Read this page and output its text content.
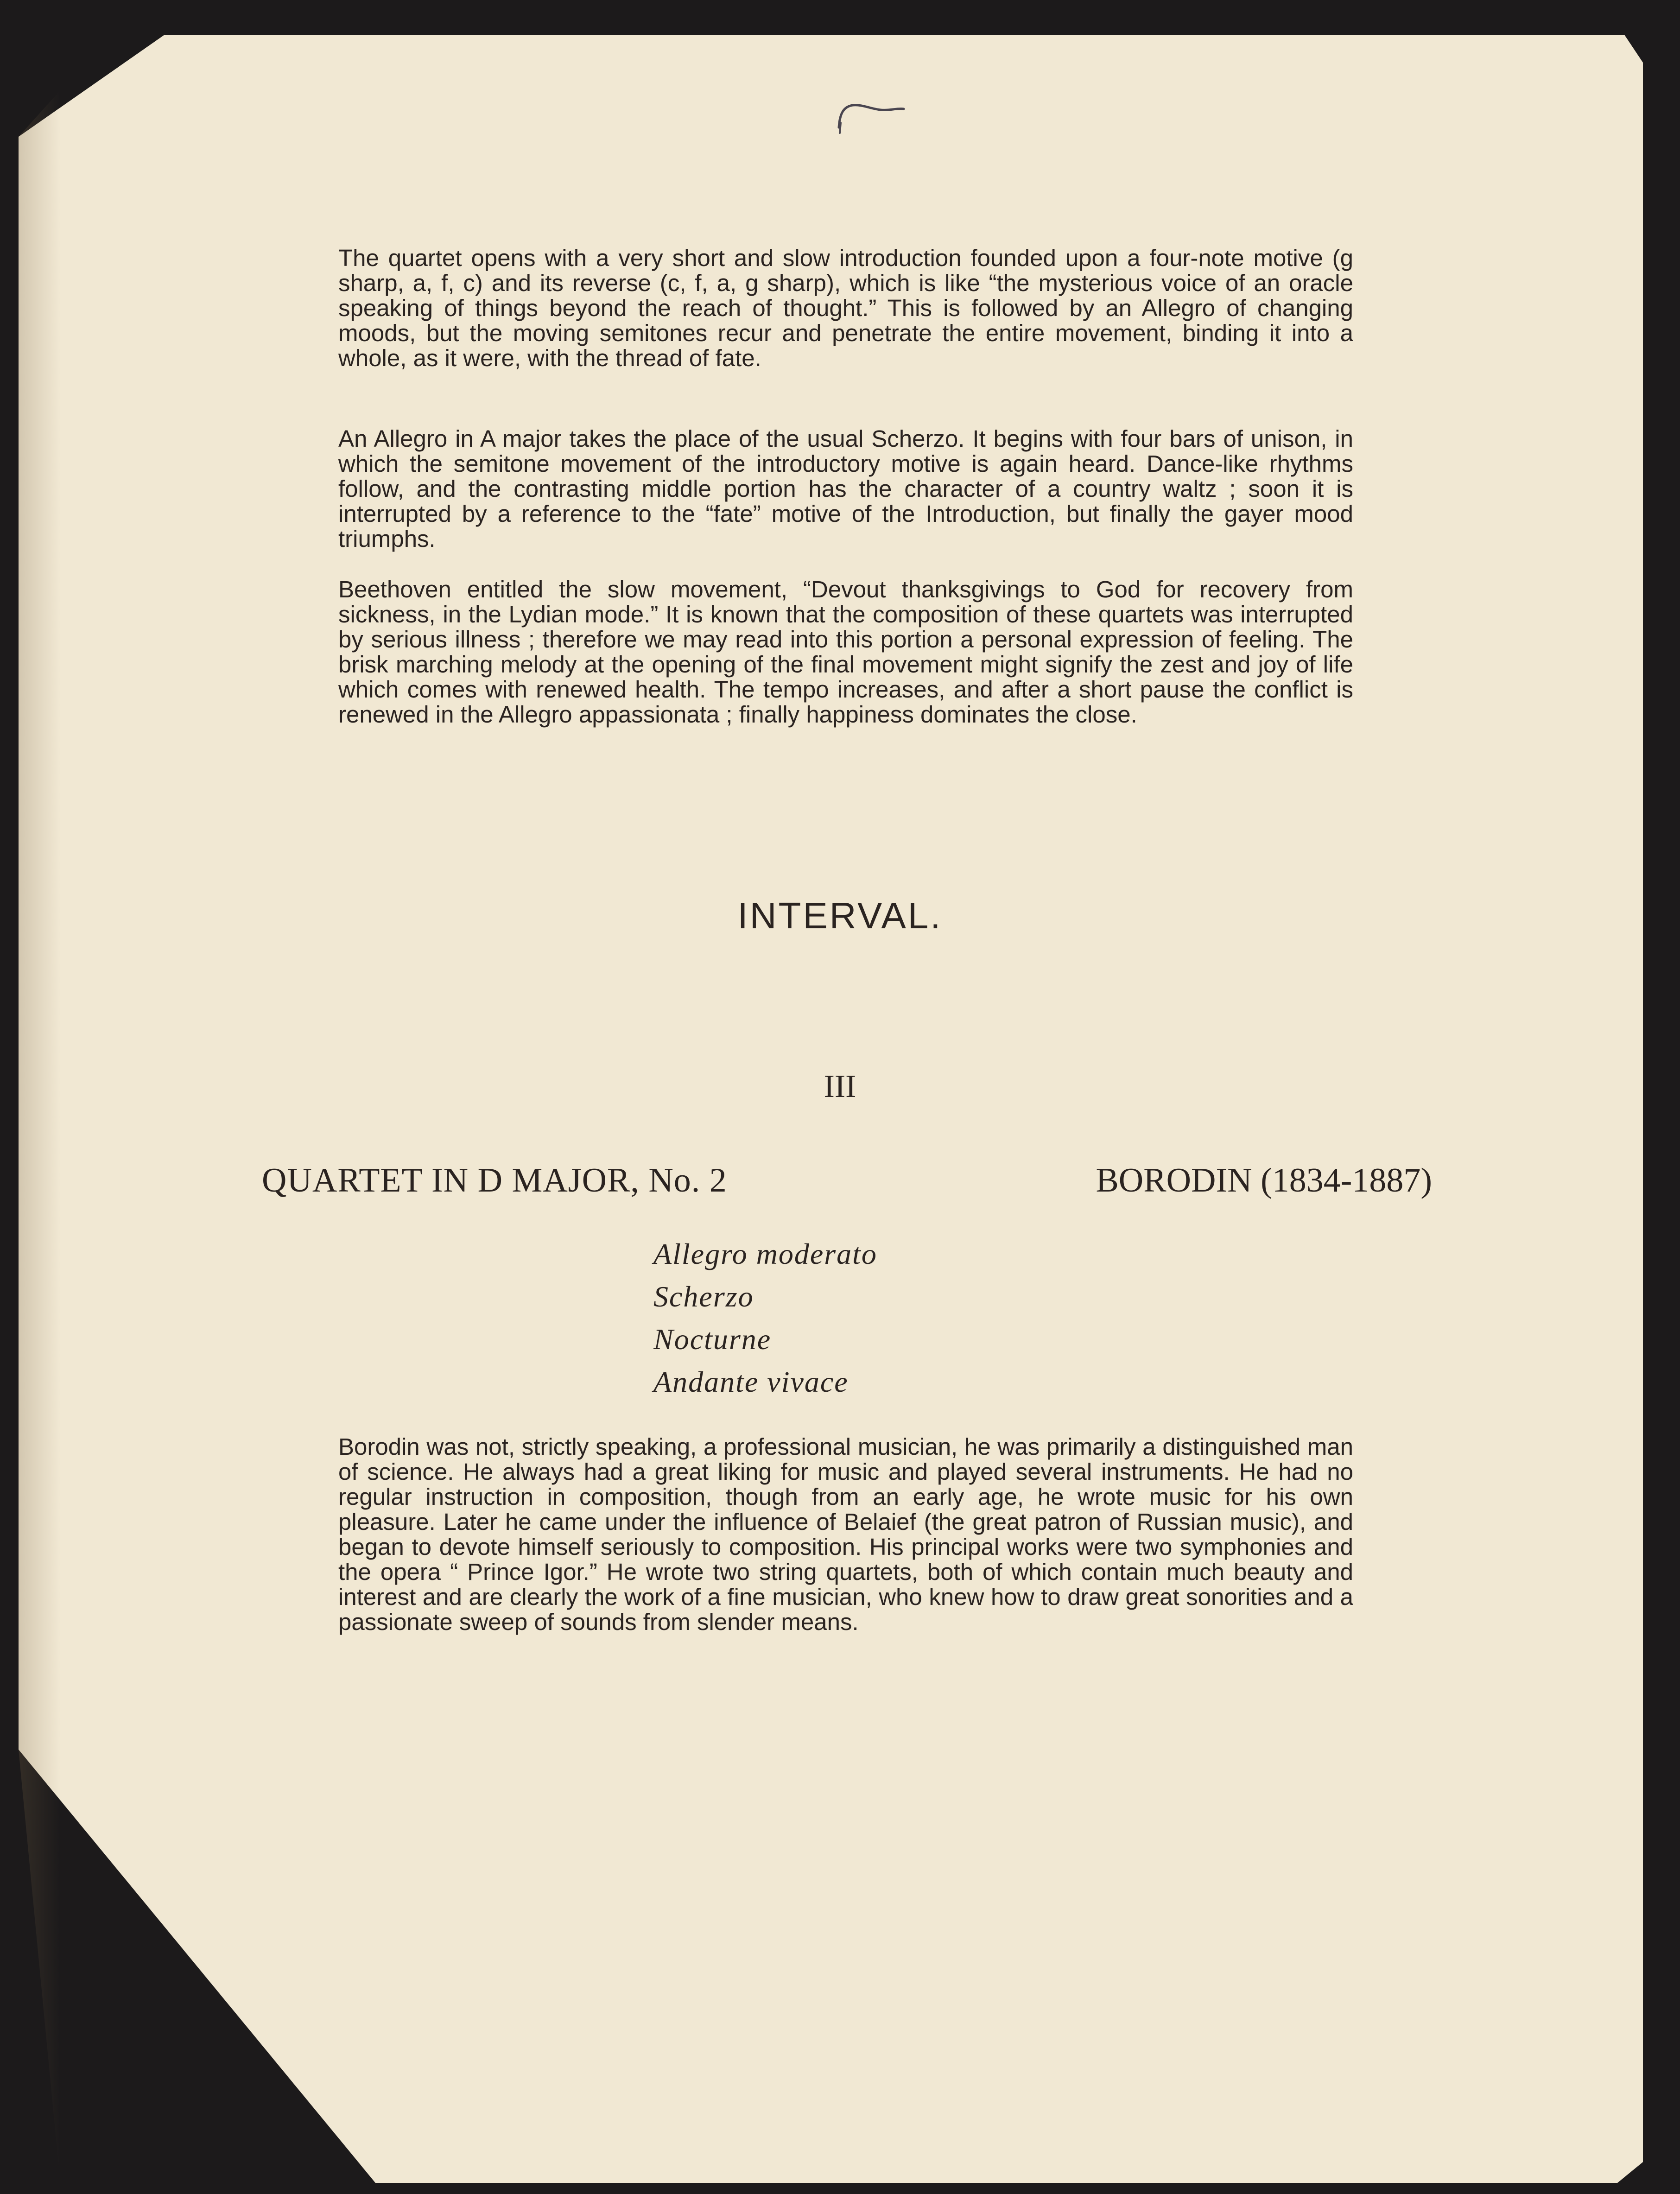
The quartet opens with a very short and slow introduction founded upon a four-note motive (g sharp, a, f, c) and its reverse (c, f, a, g sharp), which is like “the mysterious voice of an oracle speaking of things beyond the reach of thought.” This is followed by an Allegro of changing moods, but the moving semitones recur and penetrate the entire movement, binding it into a whole, as it were, with the thread of fate.

An Allegro in A major takes the place of the usual Scherzo. It begins with four bars of unison, in which the semitone movement of the introductory motive is again heard. Dance-like rhythms follow, and the contrasting middle portion has the character of a country waltz ; soon it is interrupted by a reference to the “fate” motive of the Introduction, but finally the gayer mood triumphs.

Beethoven entitled the slow movement, “Devout thanksgivings to God for recovery from sickness, in the Lydian mode.” It is known that the composition of these quartets was interrupted by serious illness ; therefore we may read into this portion a personal expression of feeling. The brisk marching melody at the opening of the final movement might signify the zest and joy of life which comes with renewed health. The tempo increases, and after a short pause the conflict is renewed in the Allegro appassionata ; finally happiness dominates the close.

INTERVAL.
III
QUARTET IN D MAJOR, No. 2	BORODIN (1834-1887)
Allegro moderato
Scherzo
Nocturne
Andante vivace

Borodin was not, strictly speaking, a professional musician, he was primarily a distinguished man of science. He always had a great liking for music and played several instruments. He had no regular instruction in composition, though from an early age, he wrote music for his own pleasure. Later he came under the influence of Belaief (the great patron of Russian music), and began to devote himself seriously to composition. His principal works were two symphonies and the opera “ Prince Igor.” He wrote two string quartets, both of which contain much beauty and interest and are clearly the work of a fine musician, who knew how to draw great sonorities and a passionate sweep of sounds from slender means.
